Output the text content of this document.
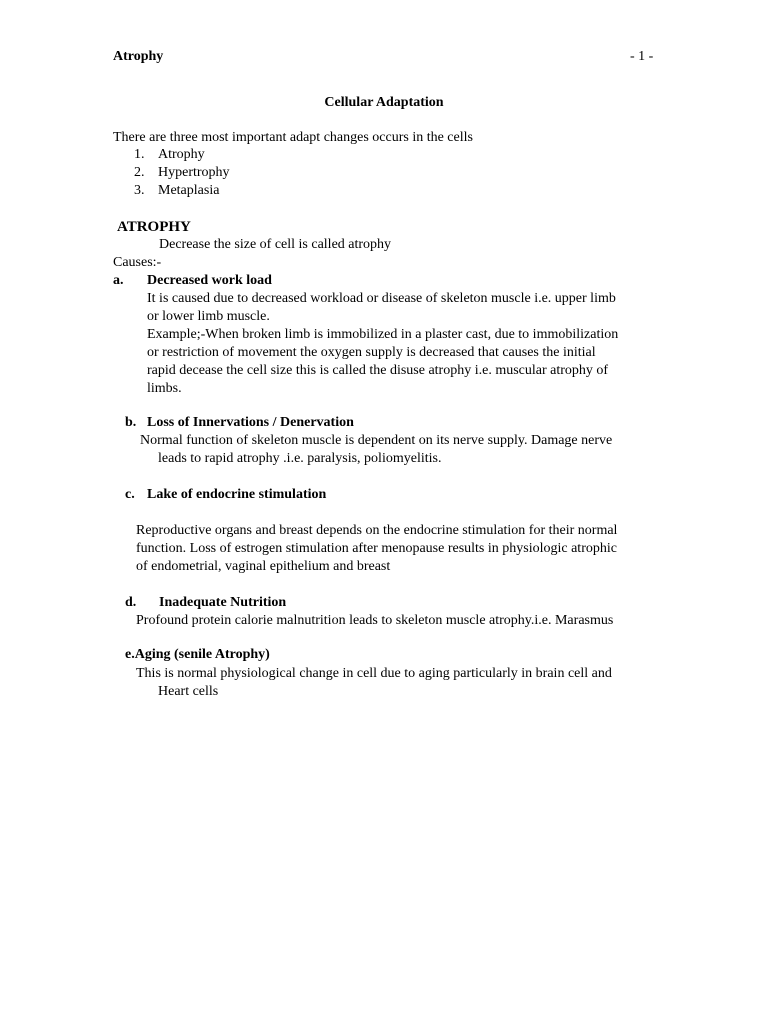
Atrophy	- 1 -
Cellular Adaptation
There are three most important adapt changes occurs in the cells
1. Atrophy
2. Hypertrophy
3. Metaplasia
ATROPHY
Decrease the size of cell is called atrophy
Causes:-
a. Decreased work load
It is caused due to decreased workload or disease of skeleton muscle i.e. upper limb
or lower limb muscle.
Example;-When broken limb is immobilized in a plaster cast, due to immobilization
or restriction of movement the oxygen supply is decreased that causes the initial
rapid decease the cell size this is called the disuse atrophy i.e. muscular atrophy of
limbs.
b. Loss of Innervations / Denervation
Normal function of skeleton muscle is dependent on its nerve supply. Damage nerve
leads to rapid atrophy .i.e. paralysis, poliomyelitis.
c. Lake of endocrine stimulation
Reproductive organs and breast depends on the endocrine stimulation for their normal
function. Loss of estrogen stimulation after menopause results in physiologic atrophic
of endometrial, vaginal epithelium and breast
d. Inadequate Nutrition
Profound protein calorie malnutrition leads to skeleton muscle atrophy.i.e. Marasmus
e.Aging (senile Atrophy)
This is normal physiological change in cell due to aging particularly in brain cell and
Heart cells
